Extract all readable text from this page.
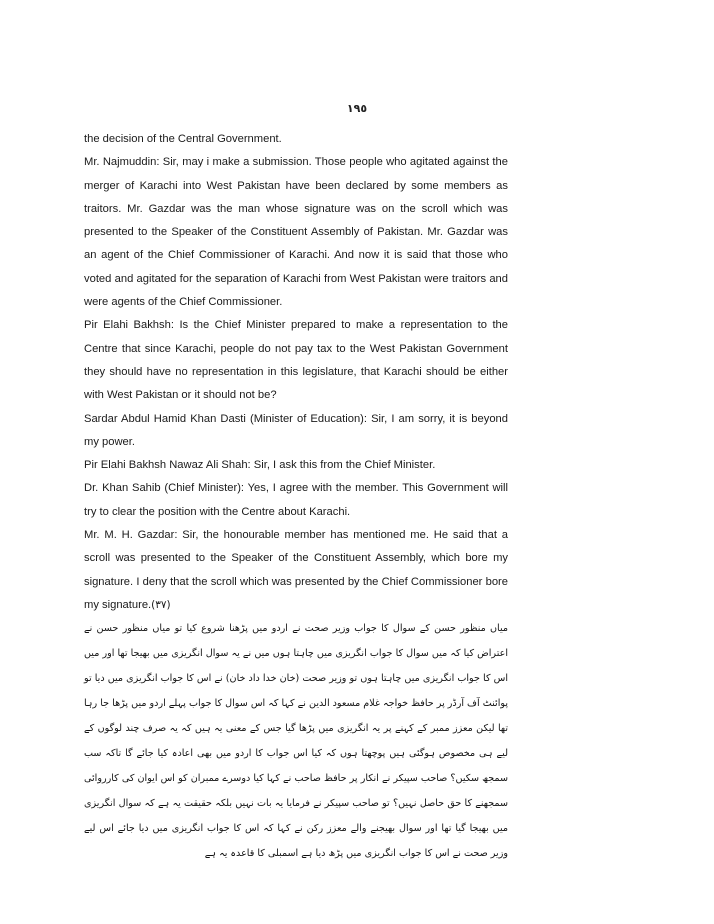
١٩٥

the decision of the Central Government.

Mr. Najmuddin: Sir, may i make a submission. Those people who agitated against the merger of Karachi into West Pakistan have been declared by some members as traitors. Mr. Gazdar was the man whose signature was on the scroll which was presented to the Speaker of the Constituent Assembly of Pakistan. Mr. Gazdar was an agent of the Chief Commissioner of Karachi. And now it is said that those who voted and agitated for the separation of Karachi from West Pakistan were traitors and were agents of the Chief Commissioner.

Pir Elahi Bakhsh: Is the Chief Minister prepared to make a representation to the Centre that since Karachi, people do not pay tax to the West Pakistan Government they should have no representation in this legislature, that Karachi should be either with West Pakistan or it should not be?

Sardar Abdul Hamid Khan Dasti (Minister of Education): Sir, I am sorry, it is beyond my power.

Pir Elahi Bakhsh Nawaz Ali Shah: Sir, I ask this from the Chief Minister.

Dr. Khan Sahib (Chief Minister): Yes, I agree with the member. This Government will try to clear the position with the Centre about Karachi.

Mr. M. H. Gazdar: Sir, the honourable member has mentioned me. He said that a scroll was presented to the Speaker of the Constituent Assembly, which bore my signature. I deny that the scroll which was presented by the Chief Commissioner bore my signature.(٣٧)

میاں منظور حسن کے سوال کا جواب وزیر صحت نے اردو میں پڑھنا شروع کیا تو میاں منظور حسن نے اعتراض کیا کہ میں سوال کا جواب انگریزی میں چاہتا ہوں میں نے یہ سوال انگریزی میں بھیجا تھا اور میں اس کا جواب انگریزی میں چاہتا ہوں تو وزیر صحت (خان خدا داد خان) نے اس کا جواب انگریزی میں دیا تو پوائنٹ آف آرڈر پر حافظ خواجہ غلام مسعود الدین نے کہا کہ اس سوال کا جواب پہلے اردو میں پڑھا جا رہا تھا لیکن معزز ممبر کے کہنے پر یہ انگریزی میں پڑھا گیا جس کے معنی یہ ہیں کہ یہ صرف چند لوگوں کے لیے ہی مخصوص ہوگئی ہیں پوچھتا ہوں کہ کیا اس جواب کا اردو میں بھی اعادہ کیا جائے گا تاکہ سب سمجھ سکیں؟ صاحب سپیکر نے انکار پر حافظ صاحب نے کہا کیا دوسرے ممبران کو اس ایوان کی کارروائی سمجھنے کا حق حاصل نہیں؟ تو صاحب سپیکر نے فرمایا یہ بات نہیں بلکہ حقیقت یہ ہے کہ سوال انگریزی میں بھیجا گیا تھا اور سوال بھیجنے والے معزز رکن نے کہا کہ اس کا جواب انگریزی میں دیا جائے اس لیے وزیر صحت نے اس کا جواب انگریزی میں پڑھ دیا ہے اسمبلی کا قاعدہ یہ ہے
